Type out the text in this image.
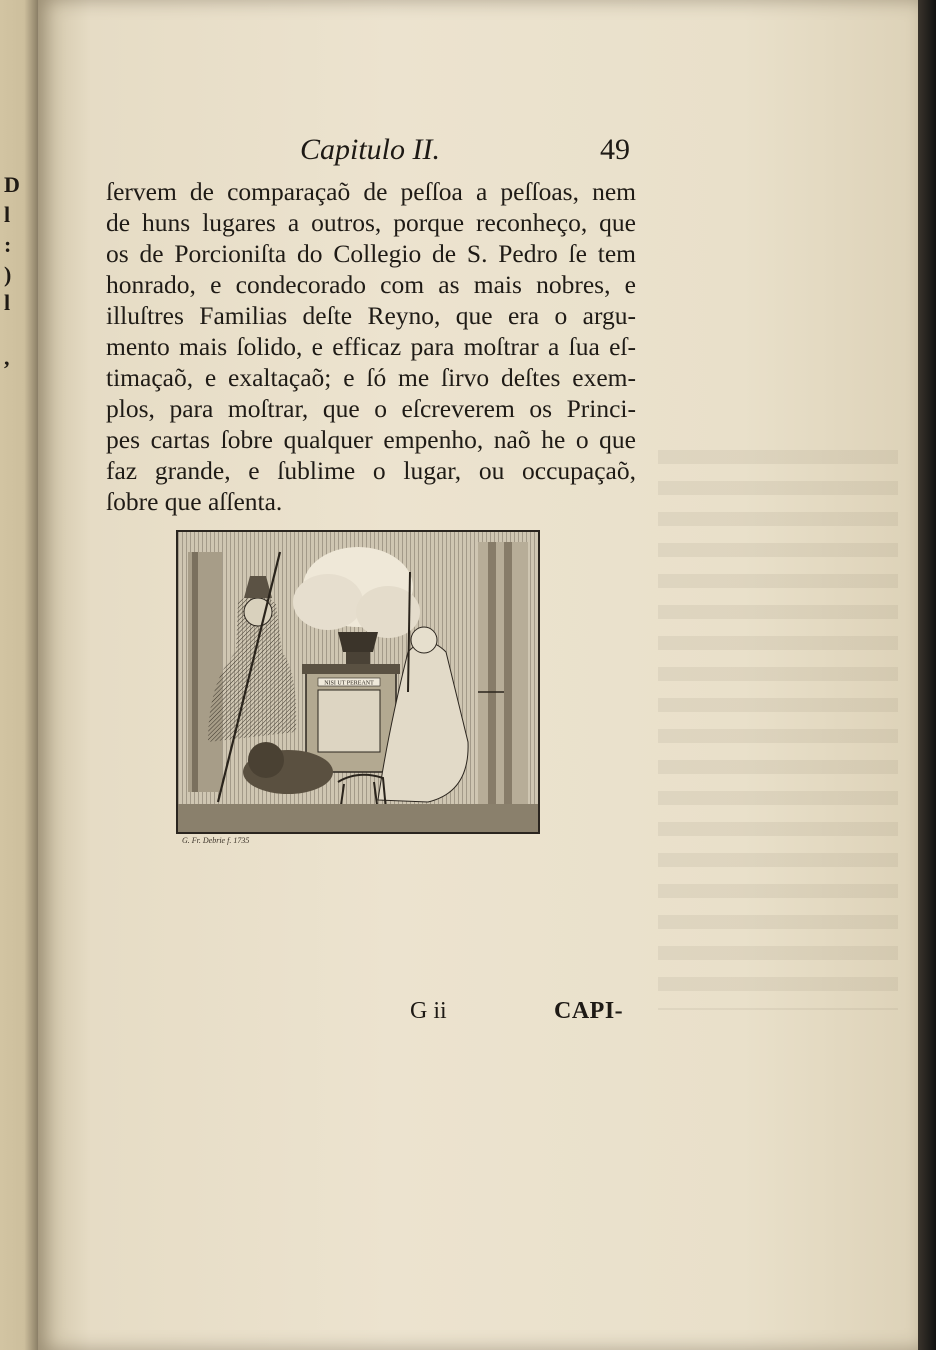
D
l
:
)
l
,
Capitulo II.	49
ſervem de comparaçaõ de peſſoa a peſſoas, nem
de huns lugares a outros, porque reconheço, que
os de Porcioniſta do Collegio de S. Pedro ſe tem
honrado, e condecorado com as mais nobres, e
illuſtres Familias deſte Reyno, que era o argu-
mento mais ſolido, e efficaz para moſtrar a ſua eſ-
timaçaõ, e exaltaçaõ; e ſó me ſirvo deſtes exem-
plos, para moſtrar, que o eſcreverem os Princi-
pes cartas ſobre qualquer empenho, naõ he o que
faz grande, e ſublime o lugar, ou occupaçaõ,
ſobre que aſſenta.
NISI UT PEREANT
G. Fr. Debrie f. 1735
G ii	CAPI-
